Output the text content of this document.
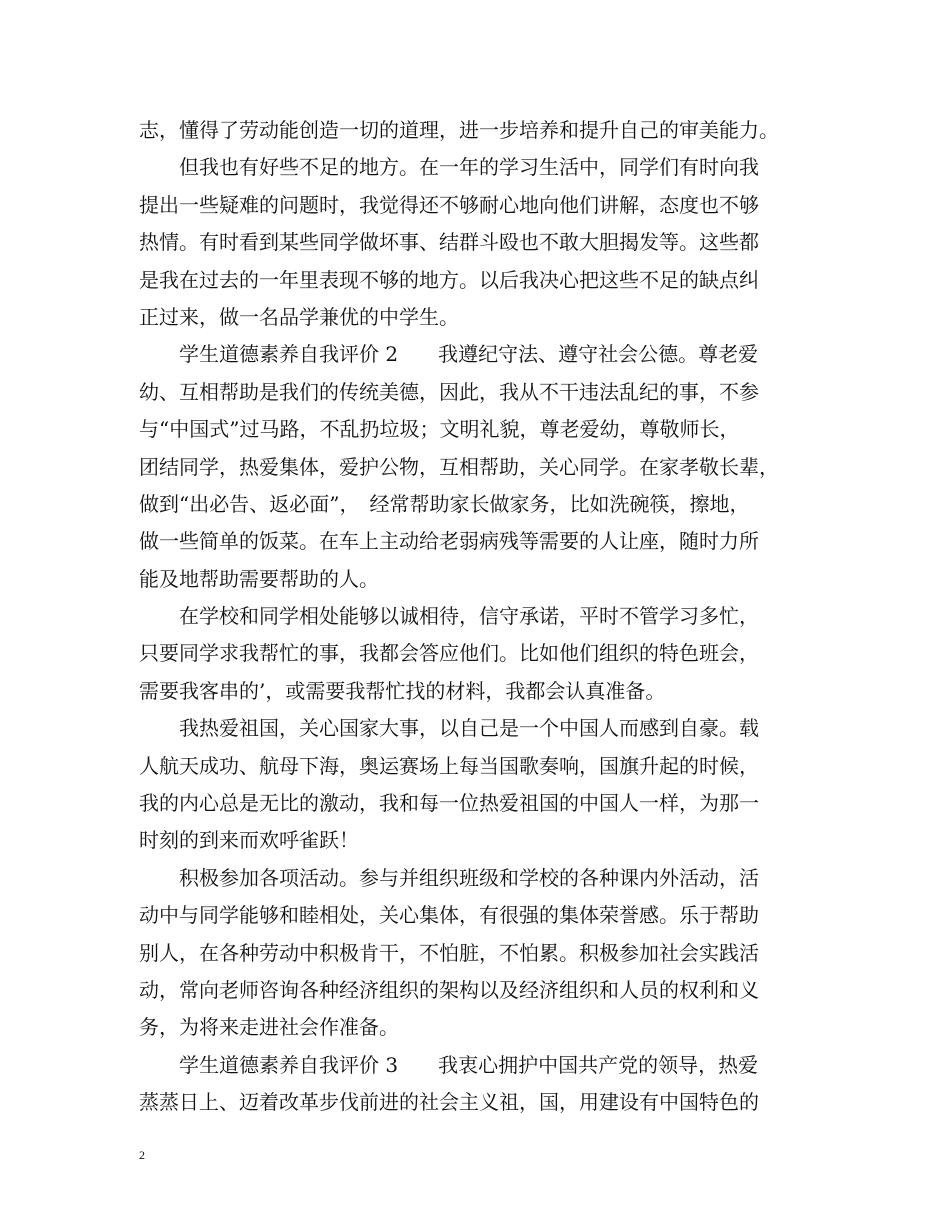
志，懂得了劳动能创造一切的道理，进一步培养和提升自己的审美能力。
　　但我也有好些不足的地方。在一年的学习生活中，同学们有时向我
提出一些疑难的问题时，我觉得还不够耐心地向他们讲解，态度也不够
热情。有时看到某些同学做坏事、结群斗殴也不敢大胆揭发等。这些都
是我在过去的一年里表现不够的地方。以后我决心把这些不足的缺点纠
正过来，做一名品学兼优的中学生。
　　学生道德素养自我评价 2　　我遵纪守法、遵守社会公德。尊老爱
幼、互相帮助是我们的传统美德，因此，我从不干违法乱纪的事，不参
与“中国式”过马路，不乱扔垃圾；文明礼貌，尊老爱幼，尊敬师长，
团结同学，热爱集体，爱护公物，互相帮助，关心同学。在家孝敬长辈，
做到“出必告、返必面”，　经常帮助家长做家务，比如洗碗筷，擦地，
做一些简单的饭菜。在车上主动给老弱病残等需要的人让座，随时力所
能及地帮助需要帮助的人。
　　在学校和同学相处能够以诚相待，信守承诺，平时不管学习多忙，
只要同学求我帮忙的事，我都会答应他们。比如他们组织的特色班会，
需要我客串的’，或需要我帮忙找的材料，我都会认真准备。
　　我热爱祖国，关心国家大事，以自己是一个中国人而感到自豪。载
人航天成功、航母下海，奥运赛场上每当国歌奏响，国旗升起的时候，
我的内心总是无比的激动，我和每一位热爱祖国的中国人一样，为那一
时刻的到来而欢呼雀跃！
　　积极参加各项活动。参与并组织班级和学校的各种课内外活动，活
动中与同学能够和睦相处，关心集体，有很强的集体荣誉感。乐于帮助
别人，在各种劳动中积极肯干，不怕脏，不怕累。积极参加社会实践活
动，常向老师咨询各种经济组织的架构以及经济组织和人员的权利和义
务，为将来走进社会作准备。
　　学生道德素养自我评价 3　　我衷心拥护中国共产党的领导，热爱
蒸蒸日上、迈着改革步伐前进的社会主义祖，国，用建设有中国特色的
2
